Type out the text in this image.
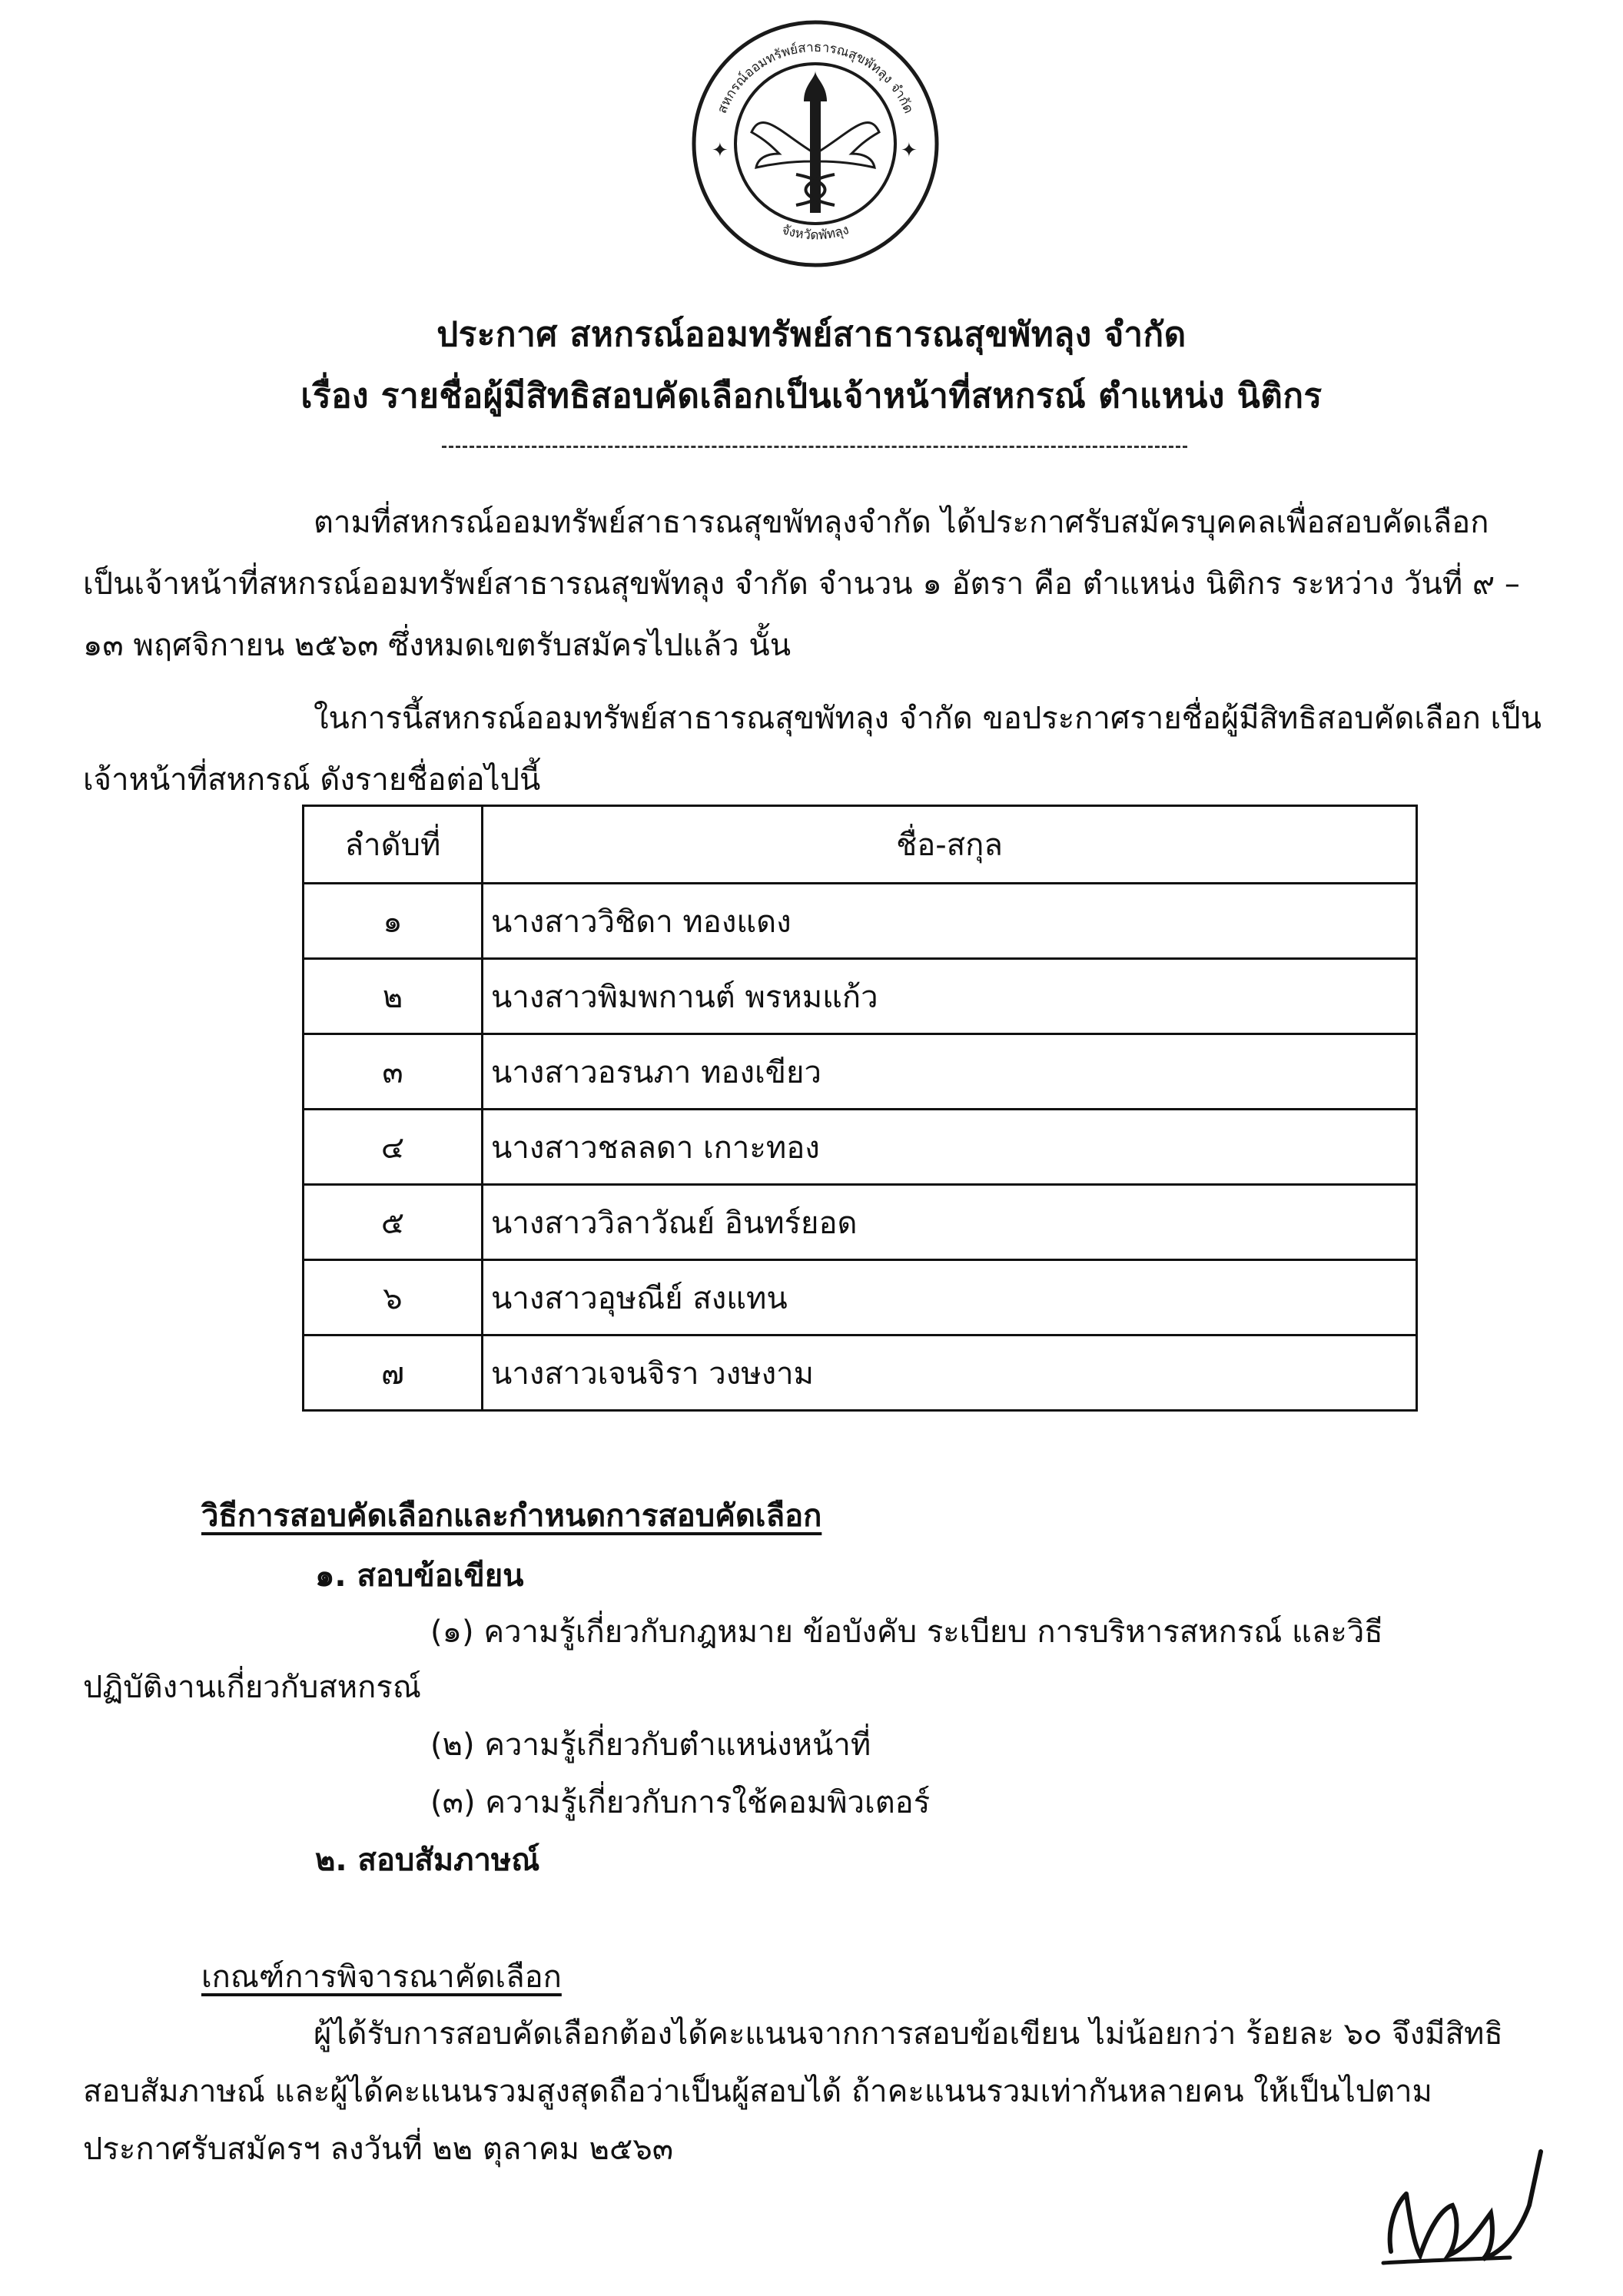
สหกรณ์ออมทรัพย์สาธารณสุขพัทลุง จำกัด
จังหวัดพัทลุง
✦	✦
ประกาศ สหกรณ์ออมทรัพย์สาธารณสุขพัทลุง จำกัด
เรื่อง รายชื่อผู้มีสิทธิสอบคัดเลือกเป็นเจ้าหน้าที่สหกรณ์ ตำแหน่ง นิติกร
ตามที่สหกรณ์ออมทรัพย์สาธารณสุขพัทลุงจำกัด ได้ประกาศรับสมัครบุคคลเพื่อสอบคัดเลือก เป็นเจ้าหน้าที่สหกรณ์ออมทรัพย์สาธารณสุขพัทลุง จำกัด จำนวน ๑ อัตรา คือ ตำแหน่ง นิติกร ระหว่าง วันที่ ๙ – ๑๓ พฤศจิกายน ๒๕๖๓ ซึ่งหมดเขตรับสมัครไปแล้ว นั้น
ในการนี้สหกรณ์ออมทรัพย์สาธารณสุขพัทลุง จำกัด ขอประกาศรายชื่อผู้มีสิทธิสอบคัดเลือก เป็นเจ้าหน้าที่สหกรณ์ ดังรายชื่อต่อไปนี้
ลำดับที่	ชื่อ-สกุล
๑	นางสาววิชิดา ทองแดง
๒	นางสาวพิมพกานต์ พรหมแก้ว
๓	นางสาวอรนภา ทองเขียว
๔	นางสาวชลลดา เกาะทอง
๕	นางสาววิลาวัณย์ อินทร์ยอด
๖	นางสาวอุษณีย์ สงแทน
๗	นางสาวเจนจิรา วงษงาม
วิธีการสอบคัดเลือกและกำหนดการสอบคัดเลือก
๑. สอบข้อเขียน
(๑) ความรู้เกี่ยวกับกฎหมาย ข้อบังคับ ระเบียบ การบริหารสหกรณ์ และวิธี
ปฏิบัติงานเกี่ยวกับสหกรณ์
(๒) ความรู้เกี่ยวกับตำแหน่งหน้าที่
(๓) ความรู้เกี่ยวกับการใช้คอมพิวเตอร์
๒. สอบสัมภาษณ์
เกณฑ์การพิจารณาคัดเลือก
ผู้ได้รับการสอบคัดเลือกต้องได้คะแนนจากการสอบข้อเขียน ไม่น้อยกว่า ร้อยละ ๖๐ จึงมีสิทธิ สอบสัมภาษณ์ และผู้ได้คะแนนรวมสูงสุดถือว่าเป็นผู้สอบได้ ถ้าคะแนนรวมเท่ากันหลายคน ให้เป็นไปตาม ประกาศรับสมัครฯ ลงวันที่ ๒๒ ตุลาคม ๒๕๖๓
